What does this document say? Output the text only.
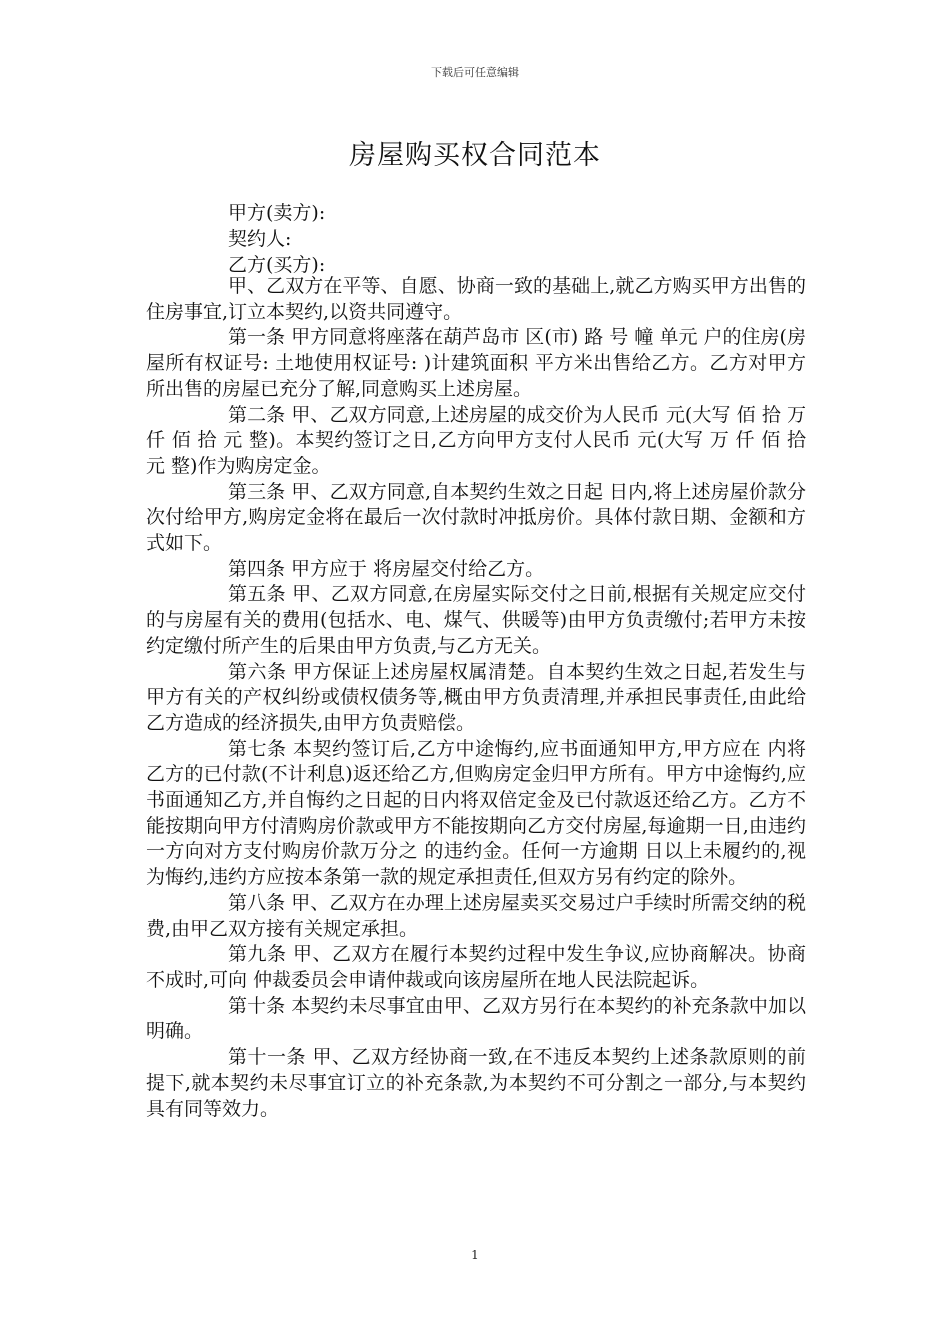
下载后可任意编辑
房屋购买权合同范本
甲方(卖方):
契约人:
乙方(买方):

甲、乙双方在平等、自愿、协商一致的基础上,就乙方购买甲方出售的住房事宜,订立本契约,以资共同遵守。

第一条 甲方同意将座落在葫芦岛市 区(市) 路 号 幢 单元 户的住房(房屋所有权证号: 土地使用权证号: )计建筑面积 平方米出售给乙方。乙方对甲方所出售的房屋已充分了解,同意购买上述房屋。

第二条 甲、乙双方同意,上述房屋的成交价为人民币 元(大写 佰 拾 万 仟 佰 拾 元 整)。本契约签订之日,乙方向甲方支付人民币 元(大写 万 仟 佰 拾 元 整)作为购房定金。

第三条 甲、乙双方同意,自本契约生效之日起 日内,将上述房屋价款分 次付给甲方,购房定金将在最后一次付款时冲抵房价。具体付款日期、金额和方式如下。

第四条 甲方应于 将房屋交付给乙方。

第五条 甲、乙双方同意,在房屋实际交付之日前,根据有关规定应交付的与房屋有关的费用(包括水、电、煤气、供暖等)由甲方负责缴付;若甲方未按约定缴付所产生的后果由甲方负责,与乙方无关。

第六条 甲方保证上述房屋权属清楚。自本契约生效之日起,若发生与甲方有关的产权纠纷或债权债务等,概由甲方负责清理,并承担民事责任,由此给乙方造成的经济损失,由甲方负责赔偿。

第七条 本契约签订后,乙方中途悔约,应书面通知甲方,甲方应在 内将乙方的已付款(不计利息)返还给乙方,但购房定金归甲方所有。甲方中途悔约,应书面通知乙方,并自悔约之日起的日内将双倍定金及已付款返还给乙方。乙方不能按期向甲方付清购房价款或甲方不能按期向乙方交付房屋,每逾期一日,由违约一方向对方支付购房价款万分之 的违约金。任何一方逾期 日以上未履约的,视为悔约,违约方应按本条第一款的规定承担责任,但双方另有约定的除外。

第八条 甲、乙双方在办理上述房屋卖买交易过户手续时所需交纳的税费,由甲乙双方接有关规定承担。

第九条 甲、乙双方在履行本契约过程中发生争议,应协商解决。协商不成时,可向 仲裁委员会申请仲裁或向该房屋所在地人民法院起诉。

第十条 本契约未尽事宜由甲、乙双方另行在本契约的补充条款中加以明确。

第十一条 甲、乙双方经协商一致,在不违反本契约上述条款原则的前提下,就本契约未尽事宜订立的补充条款,为本契约不可分割之一部分,与本契约具有同等效力。

1
